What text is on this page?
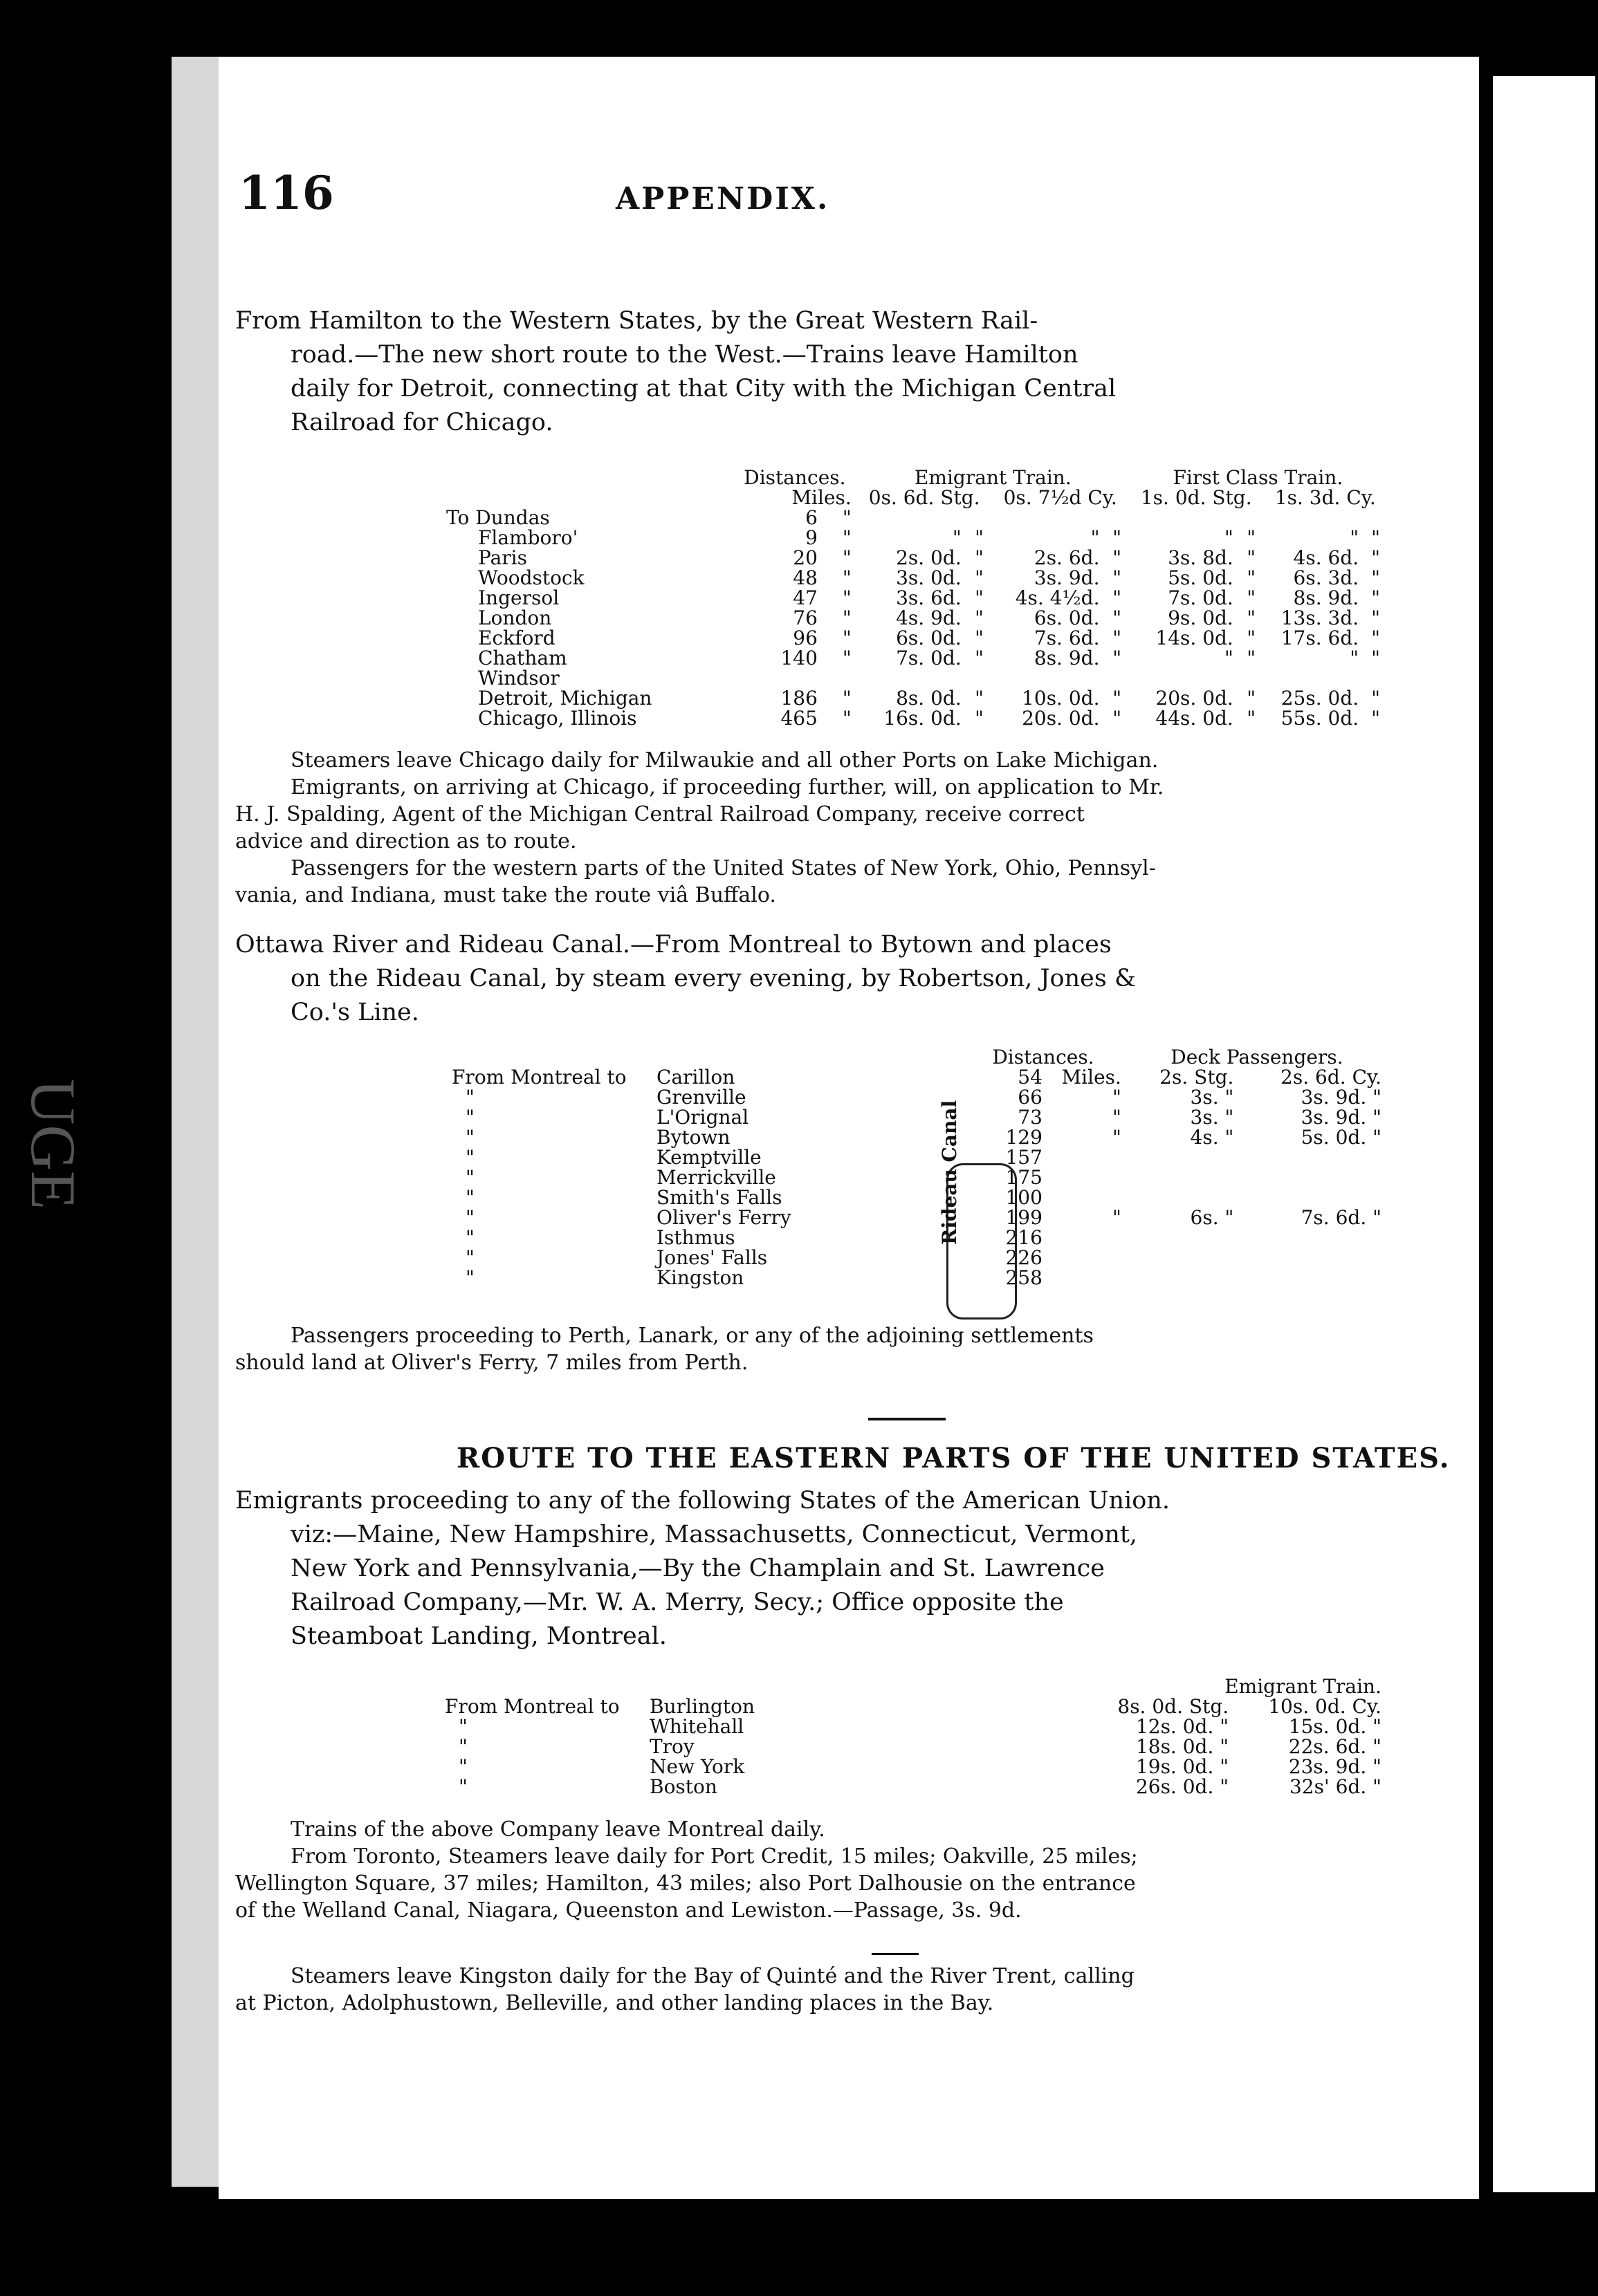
UGE
116	APPENDIX.

From Hamilton to the Western States, by the Great Western Rail-

road.—The new short route to the West.—Trains leave Hamilton

daily for Detroit, connecting at that City with the Michigan Central

Railroad for Chicago.

	Distances.	Emigrant Train.				First Class Train.			
	Miles.	0s. 6d. Stg.		0s. 7½d Cy.		1s. 0d. Stg.		1s. 3d. Cy.	
To Dundas	6 "								
Flamboro'	9 "	"	"	"	"	"	"	"	"
Paris	20 "	2s. 0d.	"	2s. 6d.	"	3s. 8d.	"	4s. 6d.	"
Woodstock	48 "	3s. 0d.	"	3s. 9d.	"	5s. 0d.	"	6s. 3d.	"
Ingersol	47 "	3s. 6d.	"	4s. 4½d.	"	7s. 0d.	"	8s. 9d.	"
London	76 "	4s. 9d.	"	6s. 0d.	"	9s. 0d.	"	13s. 3d.	"
Eckford	96 "	6s. 0d.	"	7s. 6d.	"	14s. 0d.	"	17s. 6d.	"
Chatham	140 "	7s. 0d.	"	8s. 9d.	"	"	"	"	"
Windsor									
Detroit, Michigan	186 "	8s. 0d.	"	10s. 0d.	"	20s. 0d.	"	25s. 0d.	"
Chicago, Illinois	465 "	16s. 0d.	"	20s. 0d.	"	44s. 0d.	"	55s. 0d.	"

Steamers leave Chicago daily for Milwaukie and all other Ports on Lake Michigan.

Emigrants, on arriving at Chicago, if proceeding further, will, on application to Mr.

H. J. Spalding, Agent of the Michigan Central Railroad Company, receive correct

advice and direction as to route.

Passengers for the western parts of the United States of New York, Ohio, Pennsyl-

vania, and Indiana, must take the route viâ Buffalo.

Ottawa River and Rideau Canal.—From Montreal to Bytown and places

on the Rideau Canal, by steam every evening, by Robertson, Jones &

Co.'s Line.

		Distances.	Deck Passengers.	
From Montreal to	Carillon	54 Miles.	2s. Stg.	2s. 6d. Cy.
"	Grenville	66 "	3s. "	3s. 9d. "
"	L'Orignal	73 "	3s. "	3s. 9d. "
"	Bytown	129 "	4s. "	5s. 0d. "
"	Kemptville	157		
"	Merrickville	175		
"	Smith's Falls	100		
"	Oliver's Ferry	199 "	6s. "	7s. 6d. "
"	Isthmus	216		
"	Jones' Falls	226		
"	Kingston	258		
Rideau Canal

Passengers proceeding to Perth, Lanark, or any of the adjoining settlements

should land at Oliver's Ferry, 7 miles from Perth.

ROUTE TO THE EASTERN PARTS OF THE UNITED STATES.

Emigrants proceeding to any of the following States of the American Union.

viz:—Maine, New Hampshire, Massachusetts, Connecticut, Vermont,

New York and Pennsylvania,—By the Champlain and St. Lawrence

Railroad Company,—Mr. W. A. Merry, Secy.; Office opposite the

Steamboat Landing, Montreal.

		Emigrant Train.	
From Montreal to	Burlington	8s. 0d. Stg.	10s. 0d. Cy.
"	Whitehall	12s. 0d. "	15s. 0d. "
"	Troy	18s. 0d. "	22s. 6d. "
"	New York	19s. 0d. "	23s. 9d. "
"	Boston	26s. 0d. "	32s' 6d. "

Trains of the above Company leave Montreal daily.

From Toronto, Steamers leave daily for Port Credit, 15 miles; Oakville, 25 miles;

Wellington Square, 37 miles; Hamilton, 43 miles; also Port Dalhousie on the entrance

of the Welland Canal, Niagara, Queenston and Lewiston.—Passage, 3s. 9d.

Steamers leave Kingston daily for the Bay of Quinté and the River Trent, calling

at Picton, Adolphustown, Belleville, and other landing places in the Bay.
